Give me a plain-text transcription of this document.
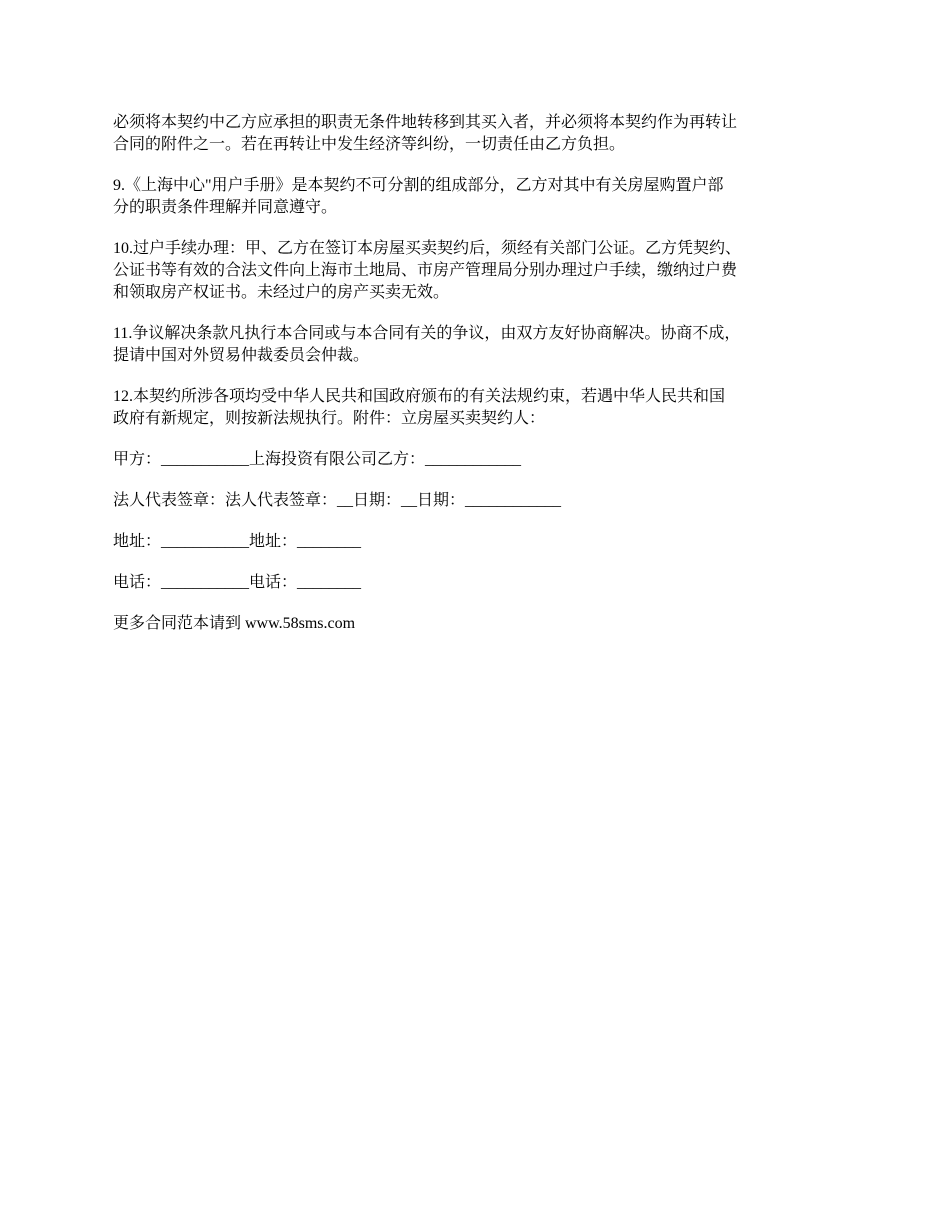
必须将本契约中乙方应承担的职责无条件地转移到其买入者，并必须将本契约作为再转让
合同的附件之一。若在再转让中发生经济等纠纷，一切责任由乙方负担。

9.《上海中心"用户手册》是本契约不可分割的组成部分，乙方对其中有关房屋购置户部
分的职责条件理解并同意遵守。

10.过户手续办理：甲、乙方在签订本房屋买卖契约后，须经有关部门公证。乙方凭契约、
公证书等有效的合法文件向上海市土地局、市房产管理局分别办理过户手续，缴纳过户费
和领取房产权证书。未经过户的房产买卖无效。

11.争议解决条款凡执行本合同或与本合同有关的争议，由双方友好协商解决。协商不成，
提请中国对外贸易仲裁委员会仲裁。

12.本契约所涉各项均受中华人民共和国政府颁布的有关法规约束，若遇中华人民共和国
政府有新规定，则按新法规执行。附件：立房屋买卖契约人：

甲方：___________上海投资有限公司乙方：____________

法人代表签章：法人代表签章：__日期：__日期：____________

地址：___________地址：________

电话：___________电话：________

更多合同范本请到 www.58sms.com
